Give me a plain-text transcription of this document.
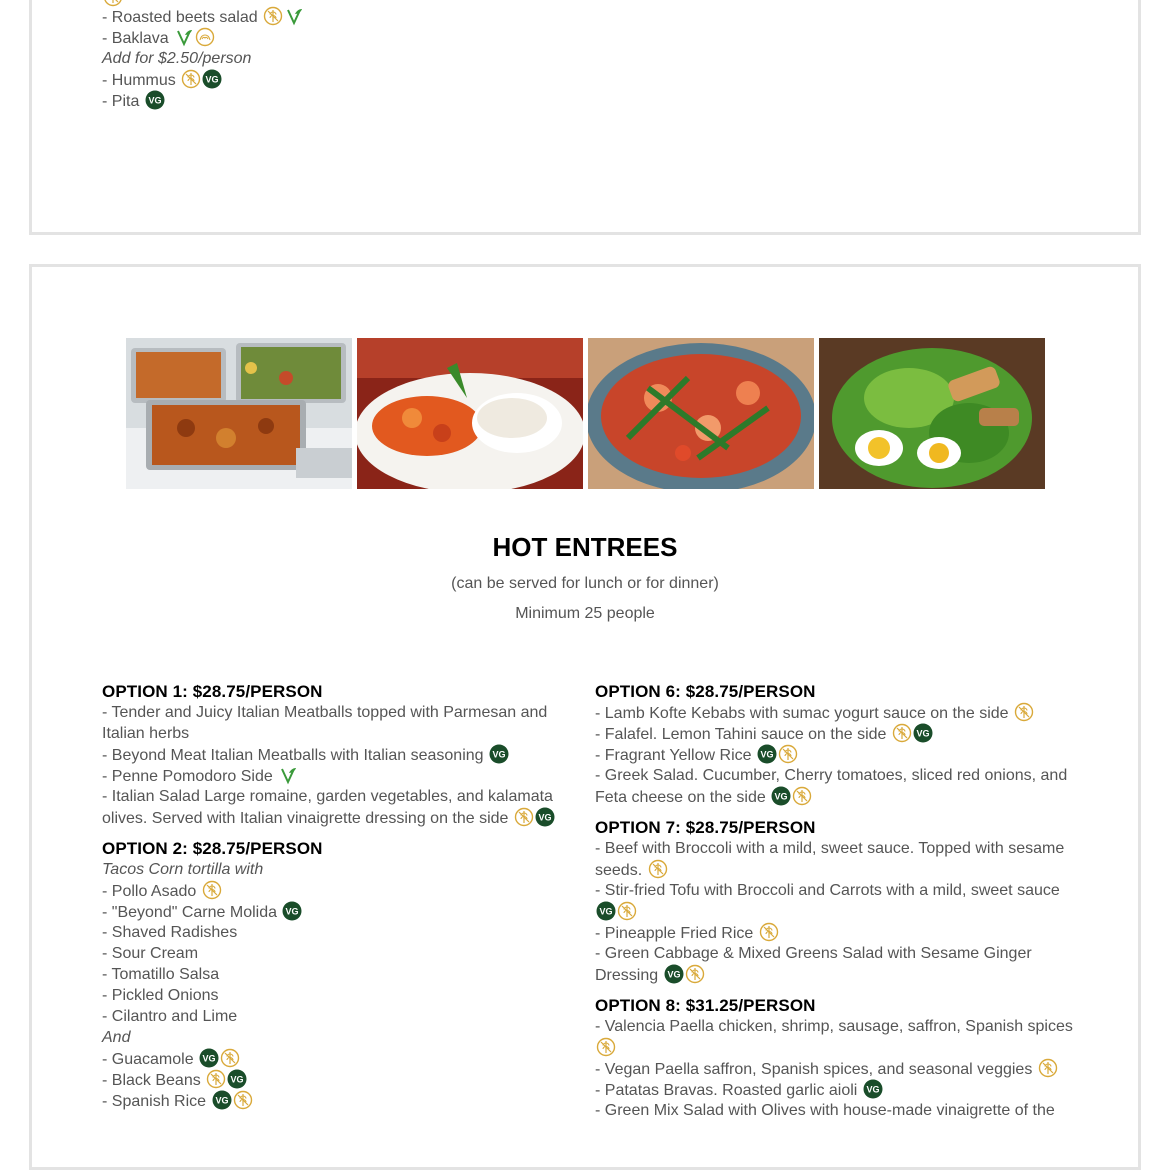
- Roasted beets salad
- Baklava
Add for $2.50/person
- Hummus
- Pita
HOT ENTREES
(can be served for lunch or for dinner)
Minimum 25 people
OPTION 1: $28.75/PERSON
- Tender and Juicy Italian Meatballs topped with Parmesan and Italian herbs
- Beyond Meat Italian Meatballs with Italian seasoning
- Penne Pomodoro Side
- Italian Salad Large romaine, garden vegetables, and kalamata olives. Served with Italian vinaigrette dressing on the side
OPTION 2: $28.75/PERSON
Tacos Corn tortilla with
- Pollo Asado
- "Beyond" Carne Molida
- Shaved Radishes
- Sour Cream
- Tomatillo Salsa
- Pickled Onions
- Cilantro and Lime
And
- Guacamole
- Black Beans
- Spanish Rice
OPTION 6: $28.75/PERSON
- Lamb Kofte Kebabs with sumac yogurt sauce on the side
- Falafel. Lemon Tahini sauce on the side
- Fragrant Yellow Rice
- Greek Salad. Cucumber, Cherry tomatoes, sliced red onions, and Feta cheese on the side
OPTION 7: $28.75/PERSON
- Beef with Broccoli with a mild, sweet sauce. Topped with sesame seeds.
- Stir-fried Tofu with Broccoli and Carrots with a mild, sweet sauce
- Pineapple Fried Rice
- Green Cabbage & Mixed Greens Salad with Sesame Ginger Dressing
OPTION 8: $31.25/PERSON
- Valencia Paella chicken, shrimp, sausage, saffron, Spanish spices
- Vegan Paella saffron, Spanish spices, and seasonal veggies
- Patatas Bravas. Roasted garlic aioli
- Green Mix Salad with Olives with house-made vinaigrette of the
